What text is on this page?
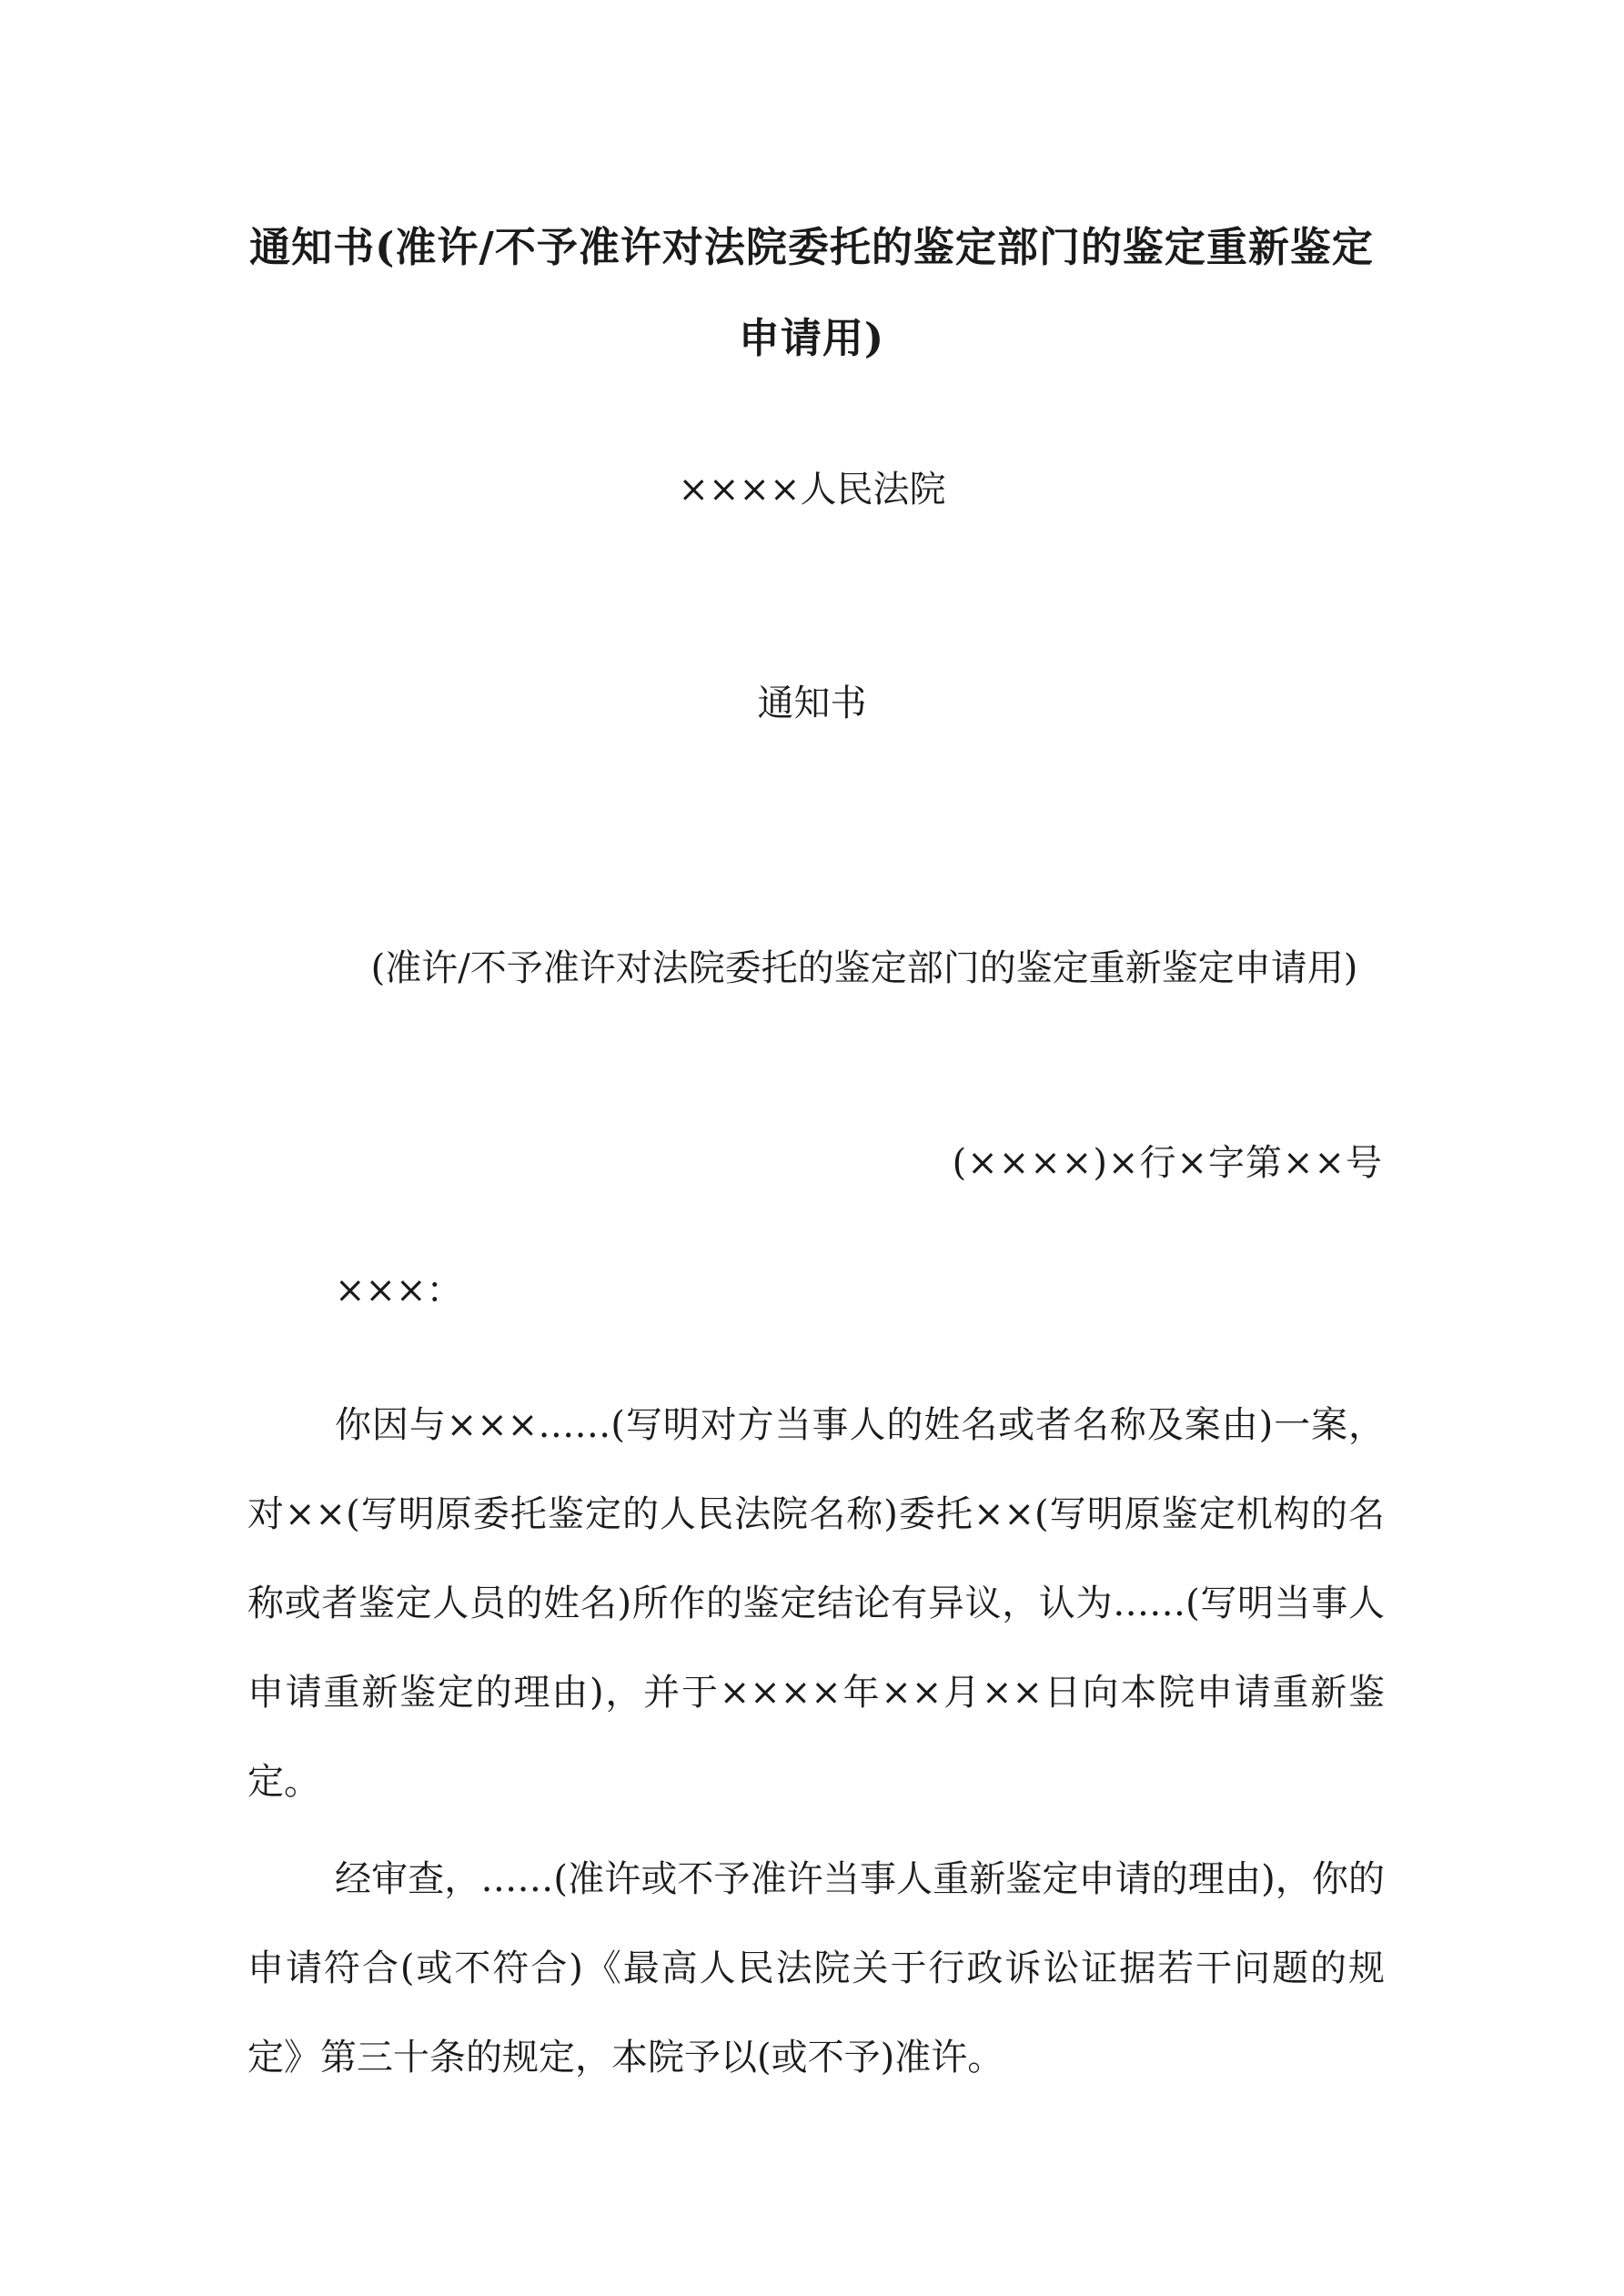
通知书(准许/不予准许对法院委托的鉴定部门的鉴定重新鉴定申请用)
××××人民法院
通知书
(准许/不予准许对法院委托的鉴定部门的鉴定重新鉴定申请用)
(××××)×行×字第××号
×××：

你因与×××……(写明对方当事人的姓名或者名称及案由)一案，对××(写明原委托鉴定的人民法院名称)委托××(写明原鉴定机构的名称或者鉴定人员的姓名)所作的鉴定结论有异议，认为……(写明当事人申请重新鉴定的理由)，并于××××年××月××日向本院申请重新鉴定。

经审查，……(准许或不予准许当事人重新鉴定申请的理由)，你的申请符合(或不符合)《最高人民法院关于行政诉讼证据若干问题的规定》第三十条的规定，本院予以(或不予)准许。
